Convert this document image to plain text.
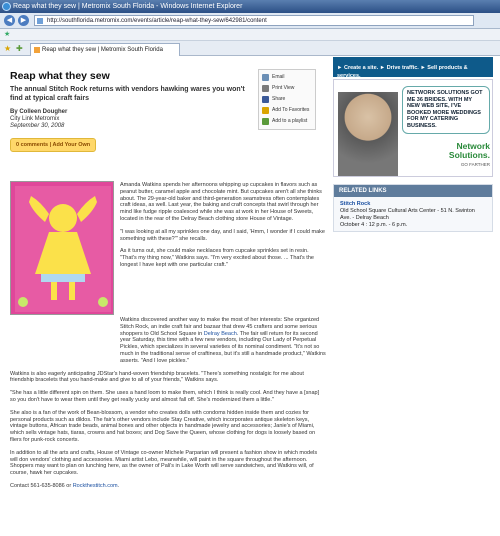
Reap what they sew | Metromix South Florida - Windows Internet Explorer
◀	▶	http://southflorida.metromix.com/events/article/reap-what-they-sew/642981/content
★
★ ✚	Reap what they sew | Metromix South Florida
Reap what they sew
The annual Stitch Rock returns with vendors hawking wares you won't find at typical craft fairs
By Colleen Dougher
City Link Metromix
September 30, 2008
0 comments | Add Your Own
Email
Print View
Share
Add To Favorites
Add to a playlist

Amanda Watkins spends her afternoons whipping up cupcakes in flavors such as peanut butter, caramel apple and chocolate mint. But cupcakes aren't all she thinks about. The 29-year-old baker and third-generation seamstress often contemplates craft ideas, as well. Last year, the baking and craft concepts that swirl through her mind like fudge ripple coalesced while she was at work in her House of Sweets, located in the rear of the Delray Beach clothing store House of Vintage.

"I was looking at all my sprinkles one day, and I said, 'Hmm, I wonder if I could make something with these?'" she recalls.

As it turns out, she could make necklaces from cupcake sprinkles set in resin. "That's my thing now," Watkins says. "I'm very excited about those. ... That's the longest I have kept with one particular craft."

Watkins discovered another way to make the most of her interests: She organized Stitch Rock, an indie craft fair and bazaar that drew 45 crafters and some serious shoppers to Old School Square in Delray Beach. The fair will return for its second year Saturday, this time with a few new vendors, including Our Lady of Perpetual Pickles, which specializes in several varieties of its nominal condiment. "It's not so much in the traditional sense of craftiness, but it's still a handmade product," Watkins asserts. "And I love pickles."

Watkins is also eagerly anticipating JDStar's hand-woven friendship bracelets. "There's something nostalgic for me about friendship bracelets that you hand-make and give to all of your friends," Watkins says.

"She has a little different spin on them. She uses a hand loom to make them, which I think is really cool. And they have a [snap] so you don't have to wear them until they get really yucky and almost fall off. She's modernized them a little."

She also is a fan of the work of Bean-blossom, a vendor who creates dolls with condoms hidden inside them and cozies for personal products such as dildos. The fair's other vendors include Stay Creative, which incorporates antique skeleton keys, vintage buttons, African trade beads, animal bones and other objects in handmade jewelry and accessories; Janie's of Miami, which sells vintage hats, tiaras, crowns and hat boxes; and Dog Save the Queen, whose clothing for dogs is loosely based on fliers for punk-rock concerts.

In addition to all the arts and crafts, House of Vintage co-owner Michele Parparian will present a fashion show in which models will don vendors' clothing and accessories. Miami artist Lebo, meanwhile, will paint in the square throughout the afternoon. Shoppers may want to plan on lunching here, as the owner of Pali's in Lake Worth will serve sandwiches, and Watkins will, of course, hawk her cupcakes.

Contact 561-635-8086 or Rockthestitch.com.

► Create a site. ► Drive traffic. ► Sell products & services.
NETWORK SOLUTIONS GOT ME 36 BRIDES. WITH MY NEW WEB SITE, I'VE BOOKED MORE WEDDINGS FOR MY CATERING BUSINESS.
Network Solutions.
GO FARTHER
RELATED LINKS
Stitch Rock
Old School Square Cultural Arts Center - 51 N. Swinton Ave. - Delray Beach
October 4 : 12 p.m. - 6 p.m.
